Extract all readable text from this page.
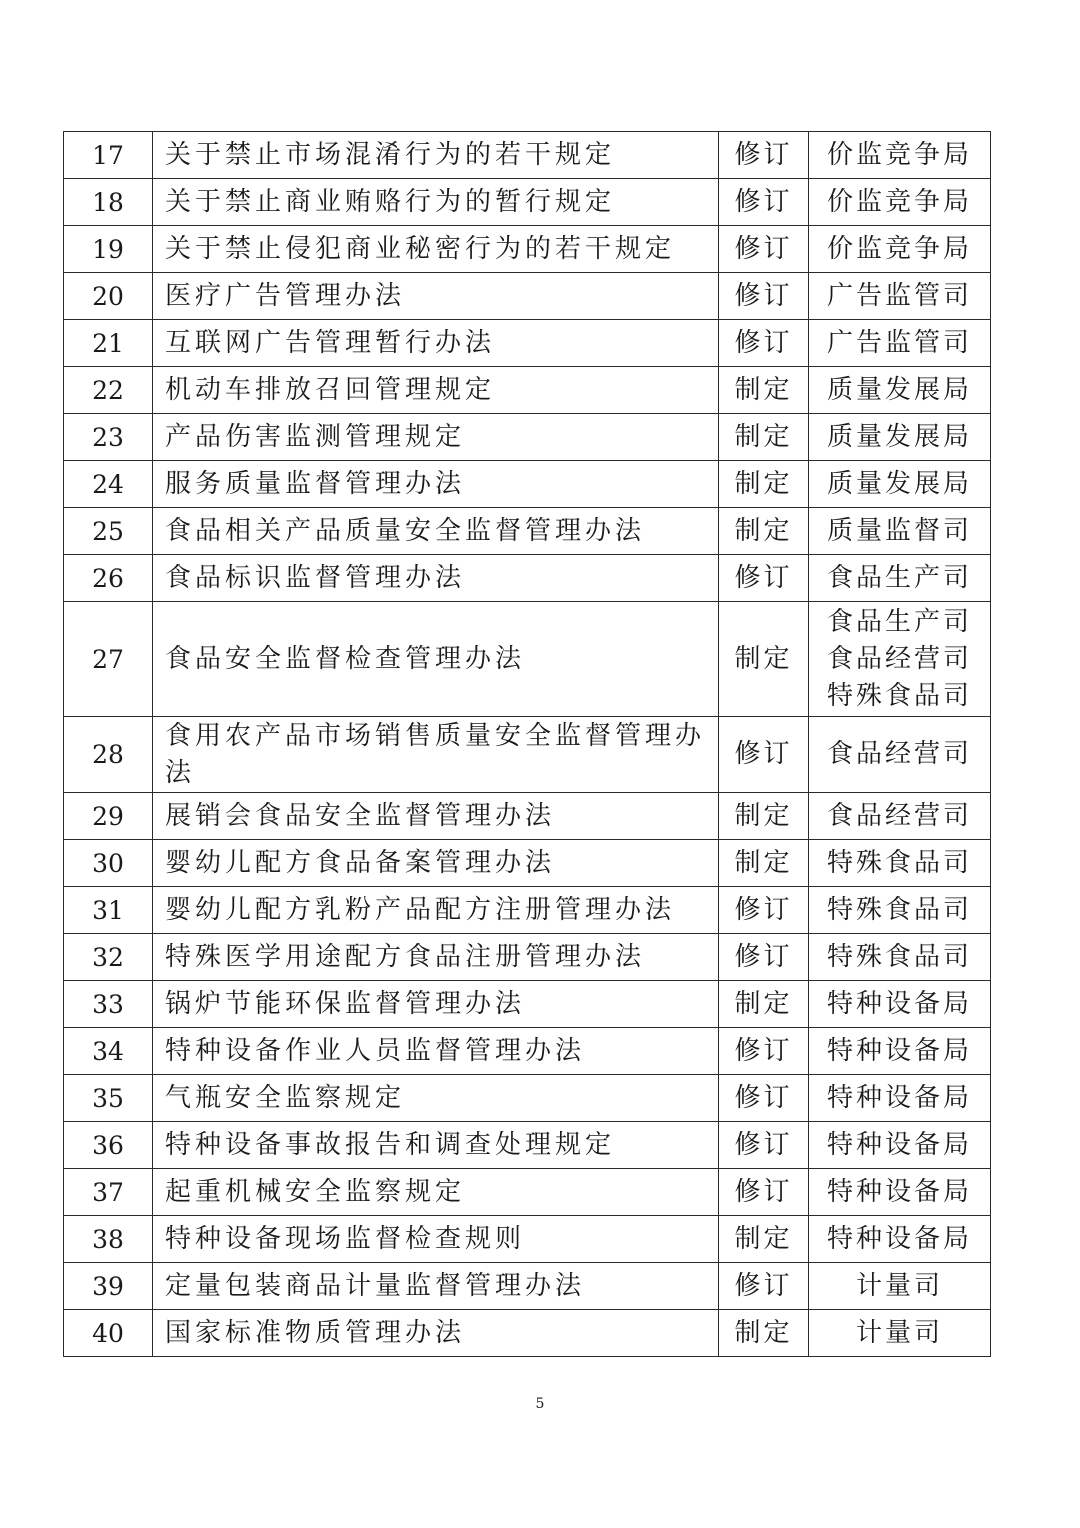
17	关于禁止市场混淆行为的若干规定	修订	价监竞争局

18	关于禁止商业贿赂行为的暂行规定	修订	价监竞争局

19	关于禁止侵犯商业秘密行为的若干规定	修订	价监竞争局

20	医疗广告管理办法	修订	广告监管司

21	互联网广告管理暂行办法	修订	广告监管司

22	机动车排放召回管理规定	制定	质量发展局

23	产品伤害监测管理规定	制定	质量发展局

24	服务质量监督管理办法	制定	质量发展局

25	食品相关产品质量安全监督管理办法	制定	质量监督司

26	食品标识监督管理办法	修订	食品生产司

27	食品安全监督检查管理办法	制定	食品生产司
食品经营司
特殊食品司

28	食用农产品市场销售质量安全监督管理办法	修订	食品经营司

29	展销会食品安全监督管理办法	制定	食品经营司

30	婴幼儿配方食品备案管理办法	制定	特殊食品司

31	婴幼儿配方乳粉产品配方注册管理办法	修订	特殊食品司

32	特殊医学用途配方食品注册管理办法	修订	特殊食品司

33	锅炉节能环保监督管理办法	制定	特种设备局

34	特种设备作业人员监督管理办法	修订	特种设备局

35	气瓶安全监察规定	修订	特种设备局

36	特种设备事故报告和调查处理规定	修订	特种设备局

37	起重机械安全监察规定	修订	特种设备局

38	特种设备现场监督检查规则	制定	特种设备局

39	定量包装商品计量监督管理办法	修订	计量司

40	国家标准物质管理办法	制定	计量司
5
